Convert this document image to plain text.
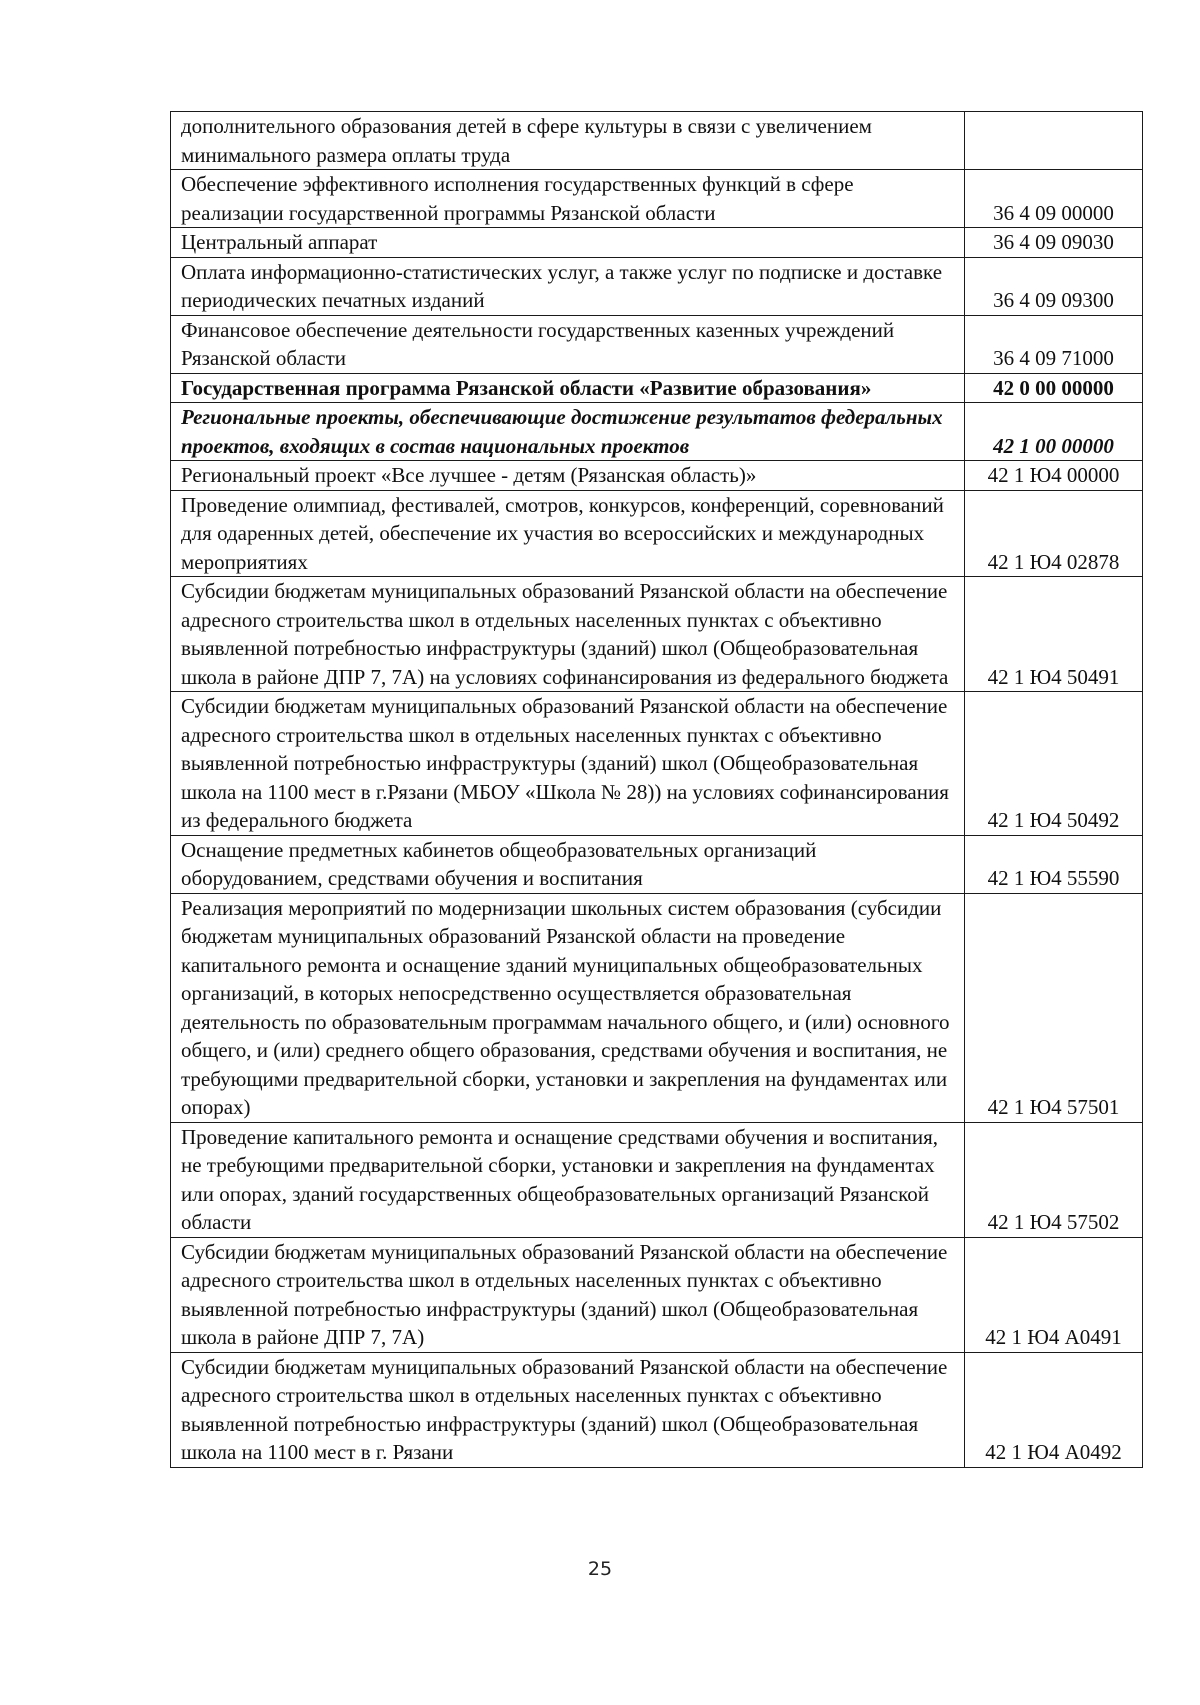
дополнительного образования детей в сфере культуры в связи с увеличением минимального размера оплаты труда	
Обеспечение эффективного исполнения государственных функций в сфере реализации государственной программы Рязанской области	36 4 09 00000
Центральный аппарат	36 4 09 09030
Оплата информационно-статистических услуг, а также услуг по подписке и доставке периодических печатных изданий	36 4 09 09300
Финансовое обеспечение деятельности государственных казенных учреждений Рязанской области	36 4 09 71000
Государственная программа Рязанской области «Развитие образования»	42 0 00 00000
Региональные проекты, обеспечивающие достижение результатов федеральных проектов, входящих в состав национальных проектов	42 1 00 00000
Региональный проект «Все лучшее - детям (Рязанская область)»	42 1 Ю4 00000
Проведение олимпиад, фестивалей, смотров, конкурсов, конференций, соревнований для одаренных детей, обеспечение их участия во всероссийских и международных мероприятиях	42 1 Ю4 02878
Субсидии бюджетам муниципальных образований Рязанской области на обеспечение адресного строительства школ в отдельных населенных пунктах с объективно выявленной потребностью инфраструктуры (зданий) школ (Общеобразовательная школа в районе ДПР 7, 7А) на условиях софинансирования из федерального бюджета	42 1 Ю4 50491
Субсидии бюджетам муниципальных образований Рязанской области на обеспечение адресного строительства школ в отдельных населенных пунктах с объективно выявленной потребностью инфраструктуры (зданий) школ (Общеобразовательная школа на 1100 мест в г.Рязани (МБОУ «Школа № 28)) на условиях софинансирования из федерального бюджета	42 1 Ю4 50492
Оснащение предметных кабинетов общеобразовательных организаций оборудованием, средствами обучения и воспитания	42 1 Ю4 55590
Реализация мероприятий по модернизации школьных систем образования (субсидии бюджетам муниципальных образований Рязанской области на проведение капитального ремонта и оснащение зданий муниципальных общеобразовательных организаций, в которых непосредственно осуществляется образовательная деятельность по образовательным программам начального общего, и (или) основного общего, и (или) среднего общего образования, средствами обучения и воспитания, не требующими предварительной сборки, установки и закрепления на фундаментах или опорах)	42 1 Ю4 57501
Проведение капитального ремонта и оснащение средствами обучения и воспитания, не требующими предварительной сборки, установки и закрепления на фундаментах или опорах, зданий государственных общеобразовательных организаций Рязанской области	42 1 Ю4 57502
Субсидии бюджетам муниципальных образований Рязанской области на обеспечение адресного строительства школ в отдельных населенных пунктах с объективно выявленной потребностью инфраструктуры (зданий) школ (Общеобразовательная школа в районе ДПР 7, 7А)	42 1 Ю4 А0491
Субсидии бюджетам муниципальных образований Рязанской области на обеспечение адресного строительства школ в отдельных населенных пунктах с объективно выявленной потребностью инфраструктуры (зданий) школ (Общеобразовательная школа на 1100 мест в г. Рязани	42 1 Ю4 А0492
25
